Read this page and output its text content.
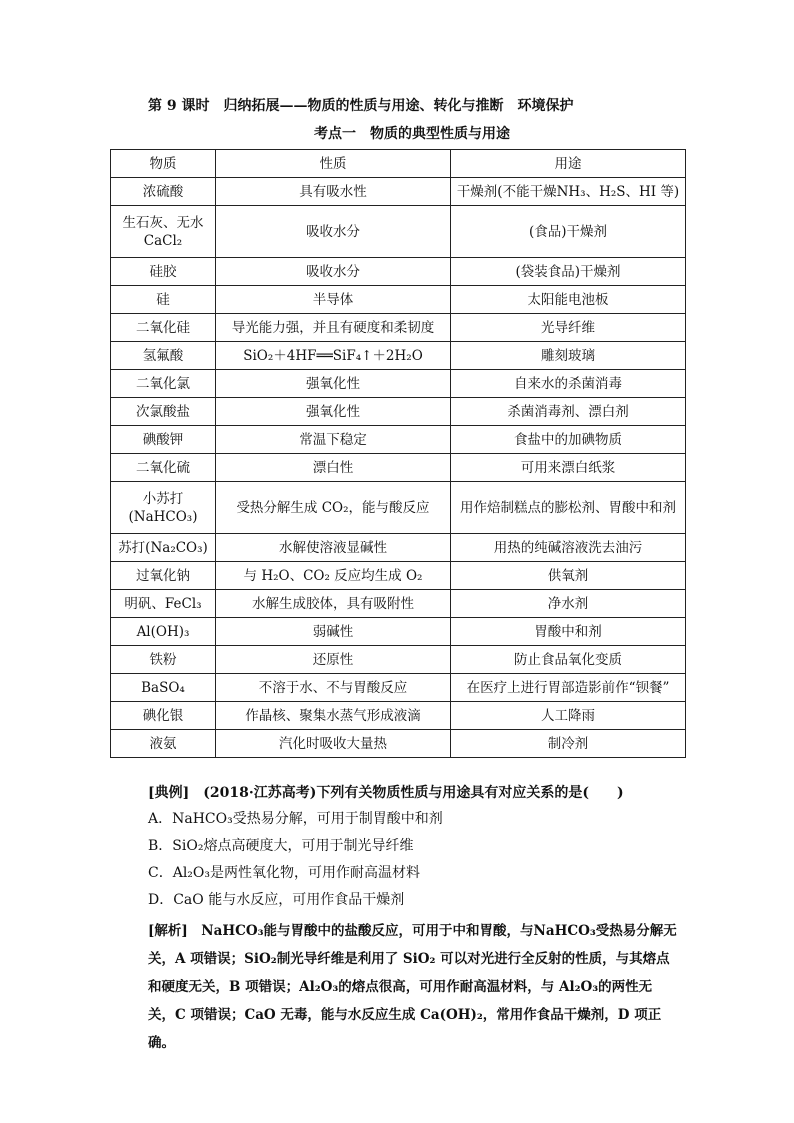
第 9 课时　归纳拓展——物质的性质与用途、转化与推断　环境保护
考点一　物质的典型性质与用途
物质	性质	用途
浓硫酸	具有吸水性	干燥剂(不能干燥NH₃、H₂S、HI 等)
生石灰、无水CaCl₂	吸收水分	(食品)干燥剂
硅胶	吸收水分	(袋装食品)干燥剂
硅	半导体	太阳能电池板
二氧化硅	导光能力强，并且有硬度和柔韧度	光导纤维
氢氟酸	SiO₂＋4HF══SiF₄↑＋2H₂O	雕刻玻璃
二氧化氯	强氧化性	自来水的杀菌消毒
次氯酸盐	强氧化性	杀菌消毒剂、漂白剂
碘酸钾	常温下稳定	食盐中的加碘物质
二氧化硫	漂白性	可用来漂白纸浆
小苏打(NaHCO₃)	受热分解生成 CO₂，能与酸反应	用作焙制糕点的膨松剂、胃酸中和剂
苏打(Na₂CO₃)	水解使溶液显碱性	用热的纯碱溶液洗去油污
过氧化钠	与 H₂O、CO₂ 反应均生成 O₂	供氧剂
明矾、FeCl₃	水解生成胶体，具有吸附性	净水剂
Al(OH)₃	弱碱性	胃酸中和剂
铁粉	还原性	防止食品氧化变质
BaSO₄	不溶于水、不与胃酸反应	在医疗上进行胃部造影前作“钡餐”
碘化银	作晶核、聚集水蒸气形成液滴	人工降雨
液氨	汽化时吸收大量热	制冷剂
[典例]　(2018·江苏高考)下列有关物质性质与用途具有对应关系的是(　　)
A．NaHCO₃受热易分解，可用于制胃酸中和剂
B．SiO₂熔点高硬度大，可用于制光导纤维
C．Al₂O₃是两性氧化物，可用作耐高温材料
D．CaO 能与水反应，可用作食品干燥剂

[解析]　NaHCO₃能与胃酸中的盐酸反应，可用于中和胃酸，与NaHCO₃受热易分解无关，A 项错误；SiO₂制光导纤维是利用了 SiO₂ 可以对光进行全反射的性质，与其熔点和硬度无关，B 项错误；Al₂O₃的熔点很高，可用作耐高温材料，与 Al₂O₃的两性无关，C 项错误；CaO 无毒，能与水反应生成 Ca(OH)₂，常用作食品干燥剂，D 项正确。
